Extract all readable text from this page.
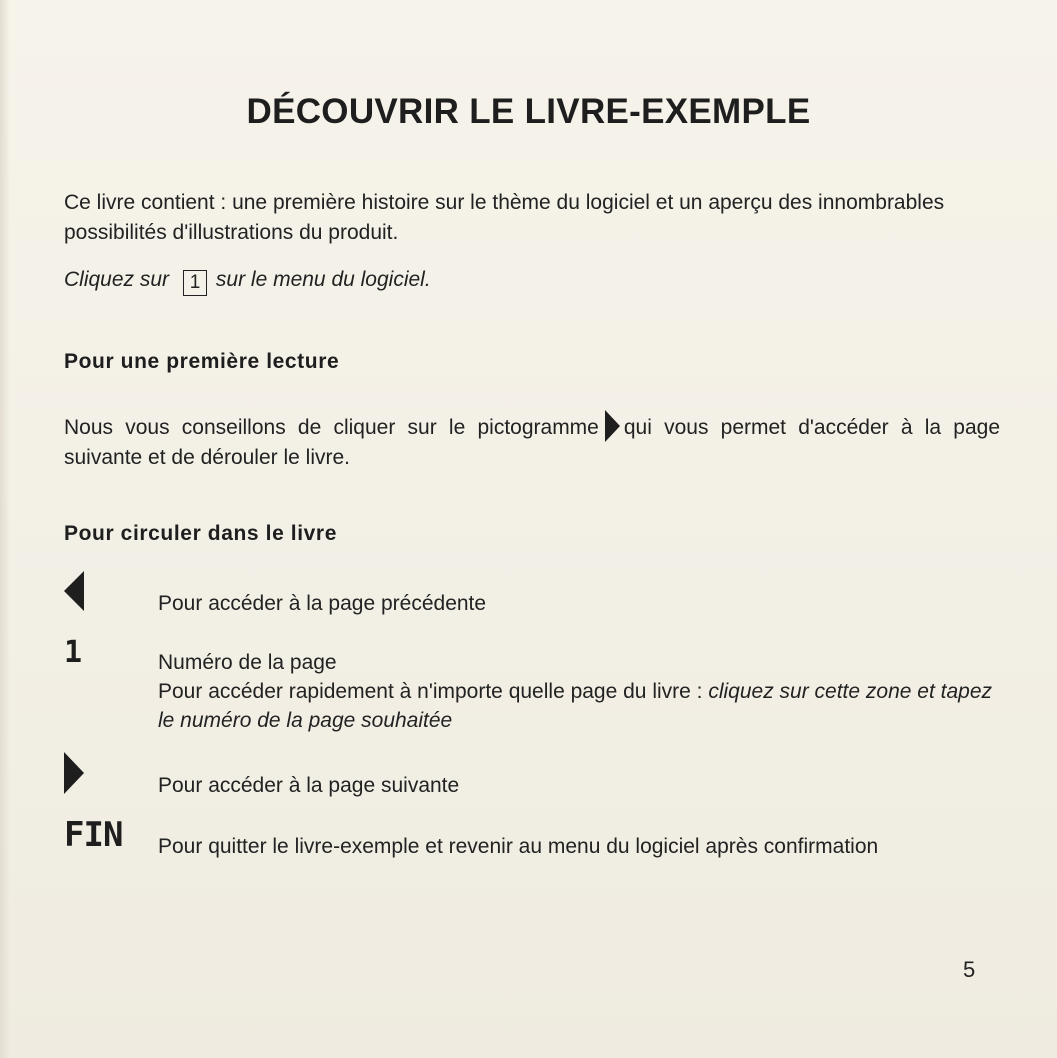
DÉCOUVRIR LE LIVRE-EXEMPLE
Ce livre contient : une première histoire sur le thème du logiciel et un aperçu des innombrables possibilités d'illustrations du produit.
Cliquez sur 1 sur le menu du logiciel.
Pour une première lecture
Nous vous conseillons de cliquer sur le pictogramme qui vous permet d'accéder à la page suivante et de dérouler le livre.
Pour circuler dans le livre
Pour accéder à la page précédente
1	Numéro de la page
Pour accéder rapidement à n'importe quelle page du livre : cliquez sur cette zone et tapez le numéro de la page souhaitée
Pour accéder à la page suivante
FIN Pour quitter le livre-exemple et revenir au menu du logiciel après confirmation
5
